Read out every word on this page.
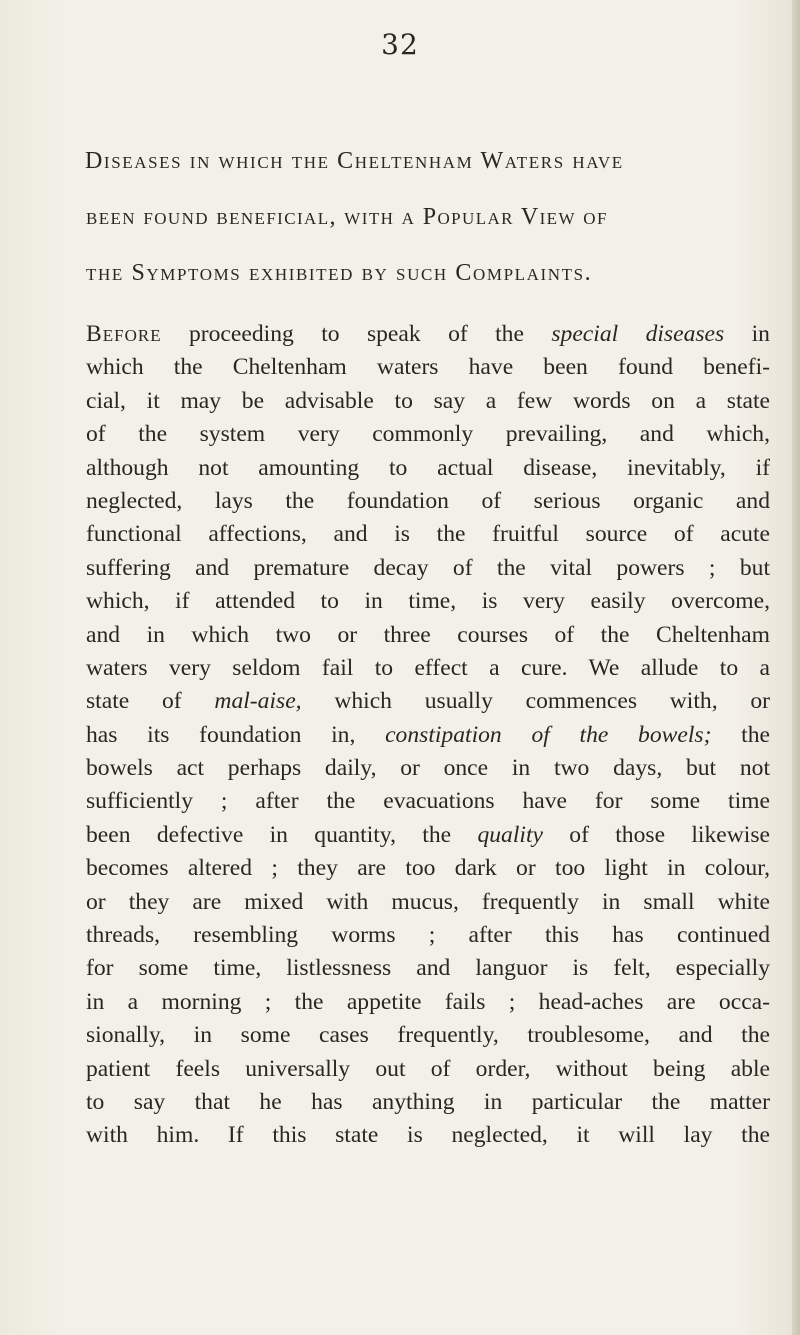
32
Diseases in which the Cheltenham Waters have
been found beneficial, with a Popular View of
the Symptoms exhibited by such Complaints.
Before proceeding to speak of the special diseases in
which the Cheltenham waters have been found benefi-
cial, it may be advisable to say a few words on a state
of the system very commonly prevailing, and which,
although not amounting to actual disease, inevitably, if
neglected, lays the foundation of serious organic and
functional affections, and is the fruitful source of acute
suffering and premature decay of the vital powers ; but
which, if attended to in time, is very easily overcome,
and in which two or three courses of the Cheltenham
waters very seldom fail to effect a cure. We allude to a
state of mal-aise, which usually commences with, or
has its foundation in, constipation of the bowels; the
bowels act perhaps daily, or once in two days, but not
sufficiently ; after the evacuations have for some time
been defective in quantity, the quality of those likewise
becomes altered ; they are too dark or too light in colour,
or they are mixed with mucus, frequently in small white
threads, resembling worms ; after this has continued
for some time, listlessness and languor is felt, especially
in a morning ; the appetite fails ; head-aches are occa-
sionally, in some cases frequently, troublesome, and the
patient feels universally out of order, without being able
to say that he has anything in particular the matter
with him. If this state is neglected, it will lay the
